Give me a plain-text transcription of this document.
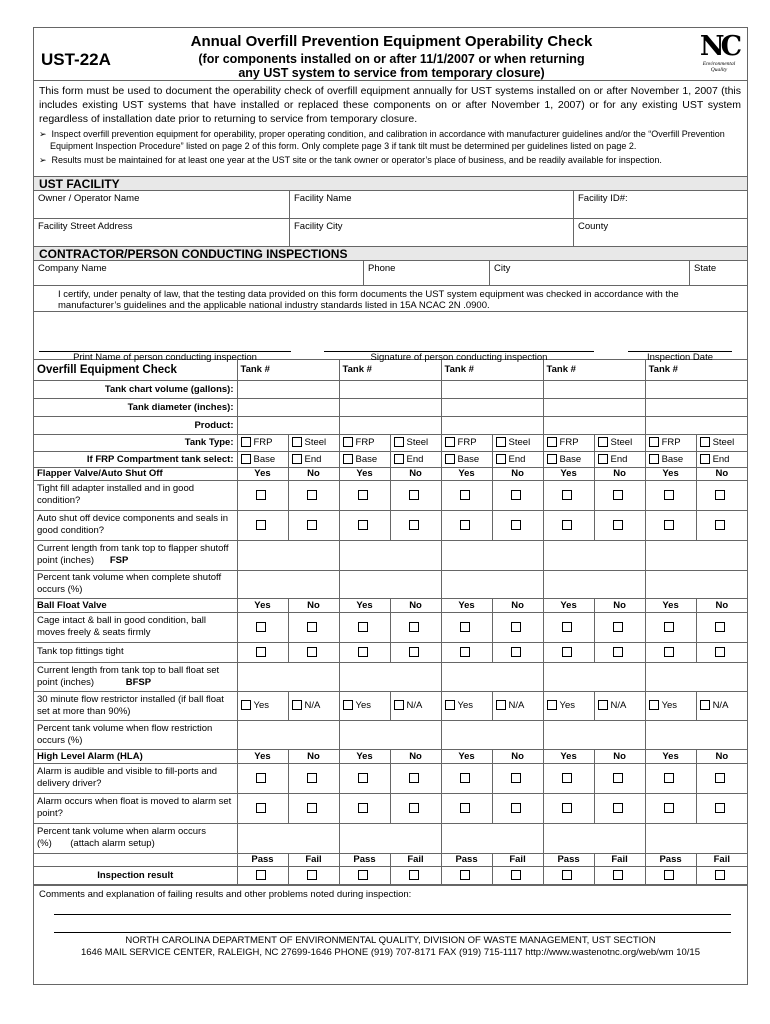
UST-22A
Annual Overfill Prevention Equipment Operability Check
(for components installed on or after 11/1/2007 or when returning
any UST system to service from temporary closure)
NC
Environmental
Quality
This form must be used to document the operability check of overfill equipment annually for UST systems installed on or after November 1, 2007 (this includes existing UST systems that have installed or replaced these components on or after November 1, 2007) or for any existing UST system regardless of installation date prior to returning to service from temporary closure.
➢  Inspect overfill prevention equipment for operability, proper operating condition, and calibration in accordance with manufacturer guidelines and/or the “Overfill Prevention Equipment Inspection Procedure” listed on page 2 of this form. Only complete page 3 if tank tilt must be determined per guidelines listed on page 2.
➢  Results must be maintained for at least one year at the UST site or the tank owner or operator’s place of business, and be readily available for inspection.
UST FACILITY
Owner / Operator Name	Facility Name	Facility ID#:
Facility Street Address	Facility City	County
CONTRACTOR/PERSON CONDUCTING INSPECTIONS
Company Name	Phone	City	State
I certify, under penalty of law, that the testing data provided on this form documents the UST system equipment was checked in accordance with the manufacturer’s guidelines and the applicable national industry standards listed in 15A NCAC 2N .0900.
Print Name of person conducting inspection	Signature of person conducting inspection	Inspection Date
Overfill Equipment Check	Tank #		Tank #		Tank #		Tank #		Tank #	
Tank chart volume (gallons):										
Tank diameter (inches):										
Product:										
Tank Type:	FRP	Steel	FRP	Steel	FRP	Steel	FRP	Steel	FRP	Steel
If FRP Compartment tank select:	Base	End	Base	End	Base	End	Base	End	Base	End
Flapper Valve/Auto Shut Off	Yes	No	Yes	No	Yes	No	Yes	No	Yes	No
Tight fill adapter installed and in good condition?										
Auto shut off device components and seals in good condition?										
Current length from tank top to flapper shutoff point (inches) FSP										
Percent tank volume when complete shutoff occurs (%)										
Ball Float Valve	Yes	No	Yes	No	Yes	No	Yes	No	Yes	No
Cage intact & ball in good condition, ball moves freely & seats firmly										
Tank top fittings tight										
Current length from tank top to ball float set point (inches) BFSP										
30 minute flow restrictor installed (if ball float set at more than 90%)	Yes	N/A	Yes	N/A	Yes	N/A	Yes	N/A	Yes	N/A
Percent tank volume when flow restriction occurs (%)										
High Level Alarm (HLA)	Yes	No	Yes	No	Yes	No	Yes	No	Yes	No
Alarm is audible and visible to fill-ports and delivery driver?										
Alarm occurs when float is moved to alarm set point?										
Percent tank volume when alarm occurs (%) (attach alarm setup)										
	Pass	Fail	Pass	Fail	Pass	Fail	Pass	Fail	Pass	Fail
Inspection result										
Comments and explanation of failing results and other problems noted during inspection:
NORTH CAROLINA DEPARTMENT OF ENVIRONMENTAL QUALITY, DIVISION OF WASTE MANAGEMENT, UST SECTION
1646 MAIL SERVICE CENTER, RALEIGH, NC 27699-1646 PHONE (919) 707-8171 FAX (919) 715-1117 http://www.wastenotnc.org/web/wm 10/15
